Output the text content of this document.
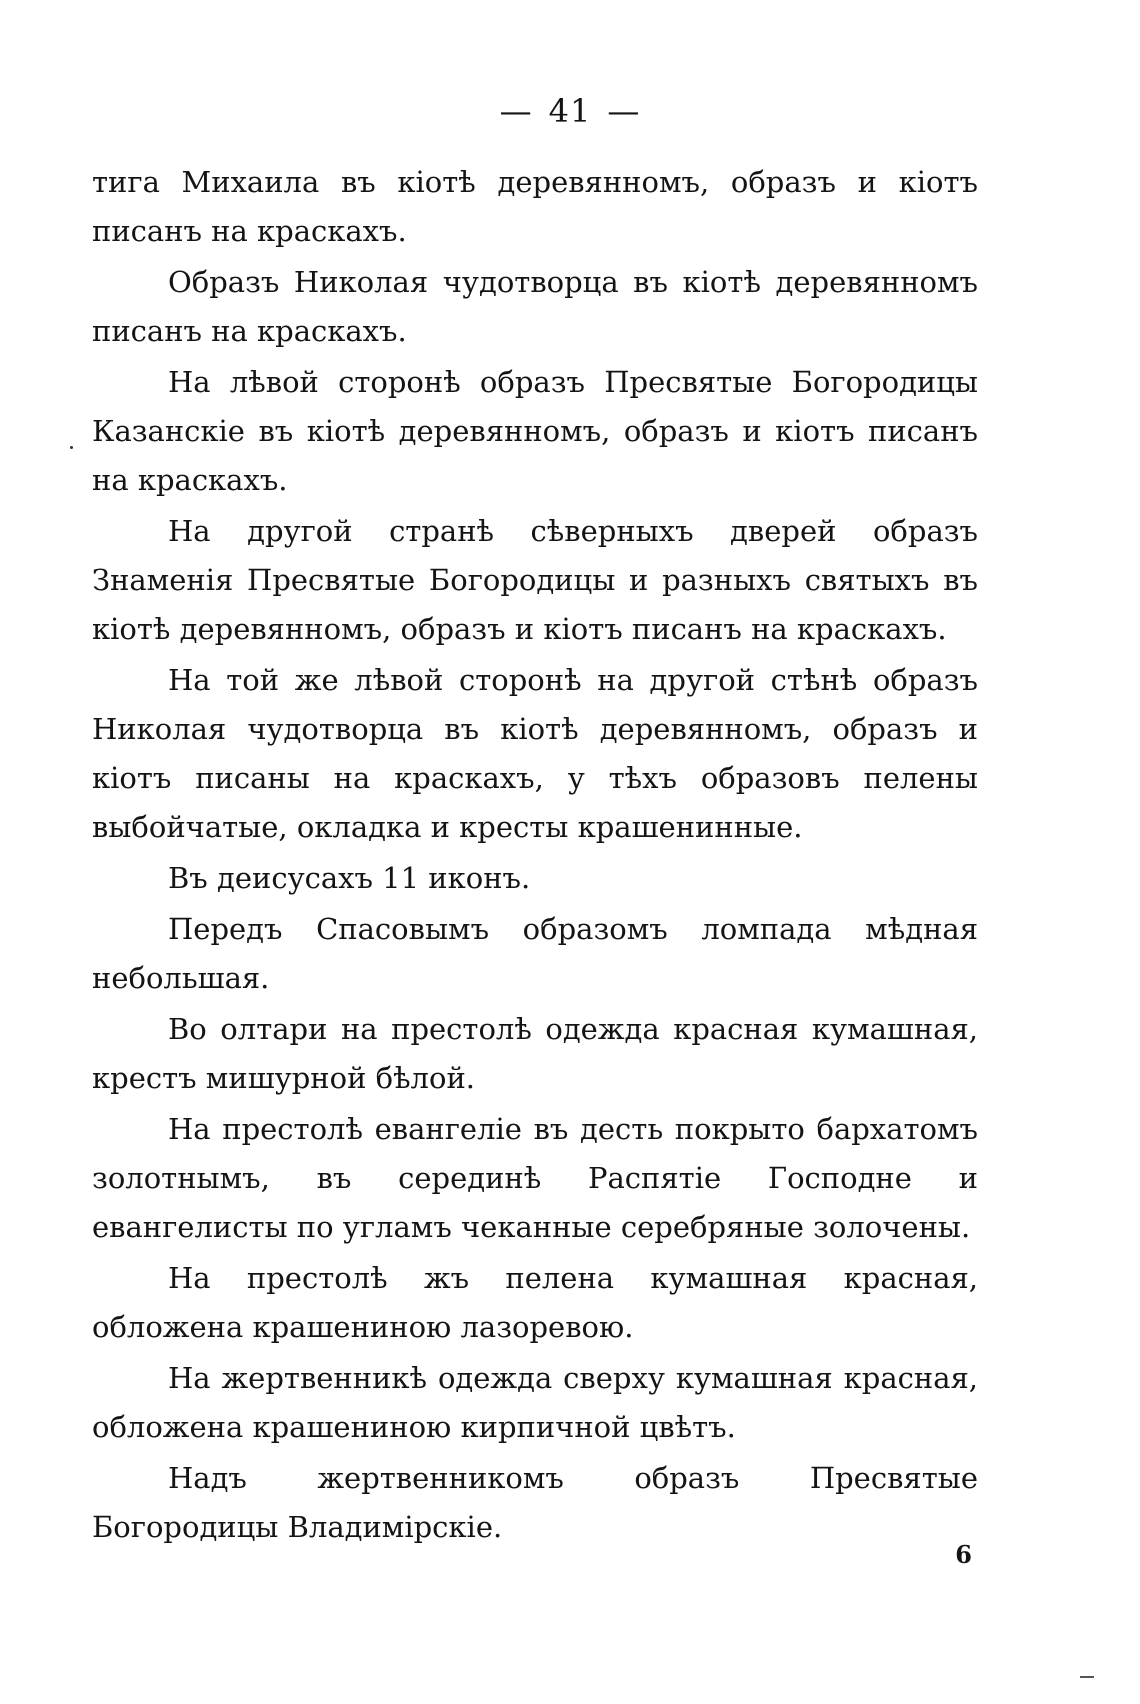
— 41 —

тига Михаила въ кіотѣ деревянномъ, образъ и кіотъ писанъ на краскахъ.

Образъ Николая чудотворца въ кіотѣ деревянномъ писанъ на краскахъ.

На лѣвой сторонѣ образъ Пресвятые Богородицы Казанскіе въ кіотѣ деревянномъ, образъ и кіотъ писанъ на краскахъ.

На другой странѣ сѣверныхъ дверей образъ Знаменія Пресвятые Богородицы и разныхъ святыхъ въ кіотѣ деревянномъ, образъ и кіотъ писанъ на краскахъ.

На той же лѣвой сторонѣ на другой стѣнѣ образъ Николая чудотворца въ кіотѣ деревянномъ, образъ и кіотъ писаны на краскахъ, у тѣхъ образовъ пелены выбойчатые, окладка и кресты крашенинные.

Въ деисусахъ 11 иконъ.

Передъ Спасовымъ образомъ ломпада мѣдная небольшая.

Во олтари на престолѣ одежда красная кумашная, крестъ мишурной бѣлой.

На престолѣ евангеліе въ десть покрыто бархатомъ золотнымъ, въ серединѣ Распятіе Господне и евангелисты по угламъ чеканные серебряные золочены.

На престолѣ жъ пелена кумашная красная, обложена крашениною лазоревою.

На жертвенникѣ одежда сверху кумашная красная, обложена крашениною кирпичной цвѣтъ.

Надъ жертвенникомъ образъ Пресвятые Богородицы Владимірскіе.

6
